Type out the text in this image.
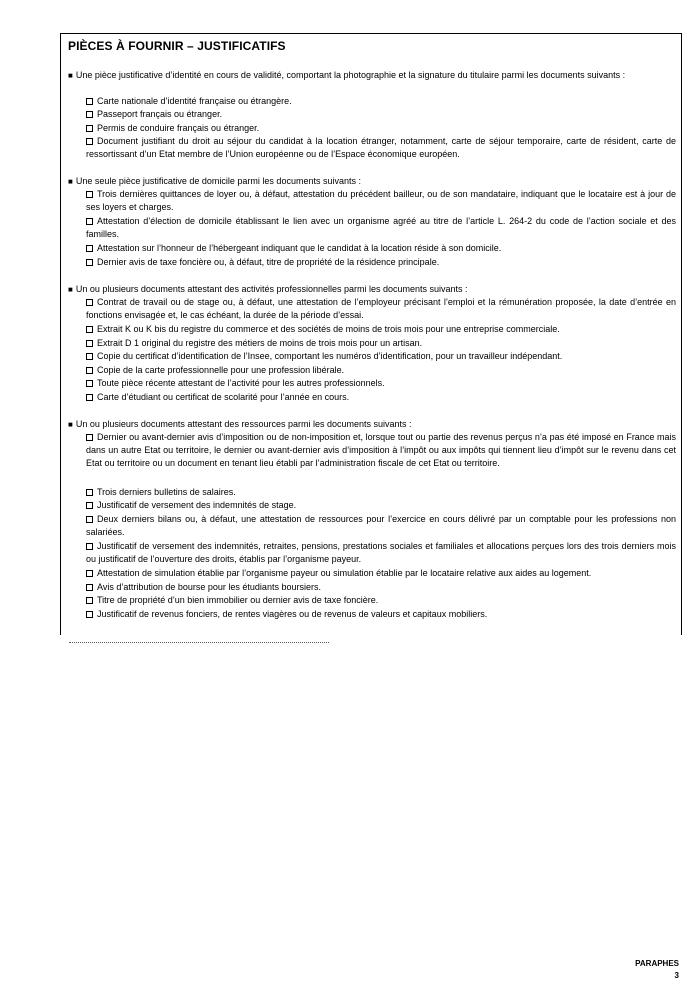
PIÈCES À FOURNIR – JUSTIFICATIFS
■ Une pièce justificative d’identité en cours de validité, comportant la photographie et la signature du titulaire parmi les documents suivants :
Carte nationale d’identité française ou étrangère.
Passeport français ou étranger.
Permis de conduire français ou étranger.
Document justifiant du droit au séjour du candidat à la location étranger, notamment, carte de séjour temporaire, carte de résident, carte de ressortissant d’un Etat membre de l’Union européenne ou de l’Espace économique européen.
■ Une seule pièce justificative de domicile parmi les documents suivants :
Trois dernières quittances de loyer ou, à défaut, attestation du précédent bailleur, ou de son mandataire, indiquant que le locataire est à jour de ses loyers et charges.
Attestation d’élection de domicile établissant le lien avec un organisme agréé au titre de l’article L. 264-2 du code de l’action sociale et des familles.
Attestation sur l’honneur de l’hébergeant indiquant que le candidat à la location réside à son domicile.
Dernier avis de taxe foncière ou, à défaut, titre de propriété de la résidence principale.
■ Un ou plusieurs documents attestant des activités professionnelles parmi les documents suivants :
Contrat de travail ou de stage ou, à défaut, une attestation de l’employeur précisant l’emploi et la rémunération proposée, la date d’entrée en fonctions envisagée et, le cas échéant, la durée de la période d’essai.
Extrait K ou K bis du registre du commerce et des sociétés de moins de trois mois pour une entreprise commerciale.
Extrait D 1 original du registre des métiers de moins de trois mois pour un artisan.
Copie du certificat d’identification de l’Insee, comportant les numéros d’identification, pour un travailleur indépendant.
Copie de la carte professionnelle pour une profession libérale.
Toute pièce récente attestant de l’activité pour les autres professionnels.
Carte d’étudiant ou certificat de scolarité pour l’année en cours.
■ Un ou plusieurs documents attestant des ressources parmi les documents suivants :
Dernier ou avant-dernier avis d’imposition ou de non-imposition et, lorsque tout ou partie des revenus perçus n’a pas été imposé en France mais dans un autre Etat ou territoire, le dernier ou avant-dernier avis d’imposition à l’impôt ou aux impôts qui tiennent lieu d’impôt sur le revenu dans cet Etat ou territoire ou un document en tenant lieu établi par l’administration fiscale de cet Etat ou territoire.
Trois derniers bulletins de salaires.
Justificatif de versement des indemnités de stage.
Deux derniers bilans ou, à défaut, une attestation de ressources pour l’exercice en cours délivré par un comptable pour les professions non salariées.
Justificatif de versement des indemnités, retraites, pensions, prestations sociales et familiales et allocations perçues lors des trois derniers mois ou justificatif de l’ouverture des droits, établis par l’organisme payeur.
Attestation de simulation établie par l’organisme payeur ou simulation établie par le locataire relative aux aides au logement.
Avis d’attribution de bourse pour les étudiants boursiers.
Titre de propriété d’un bien immobilier ou dernier avis de taxe foncière.
Justificatif de revenus fonciers, de rentes viagères ou de revenus de valeurs et capitaux mobiliers.
PARAPHES
3
